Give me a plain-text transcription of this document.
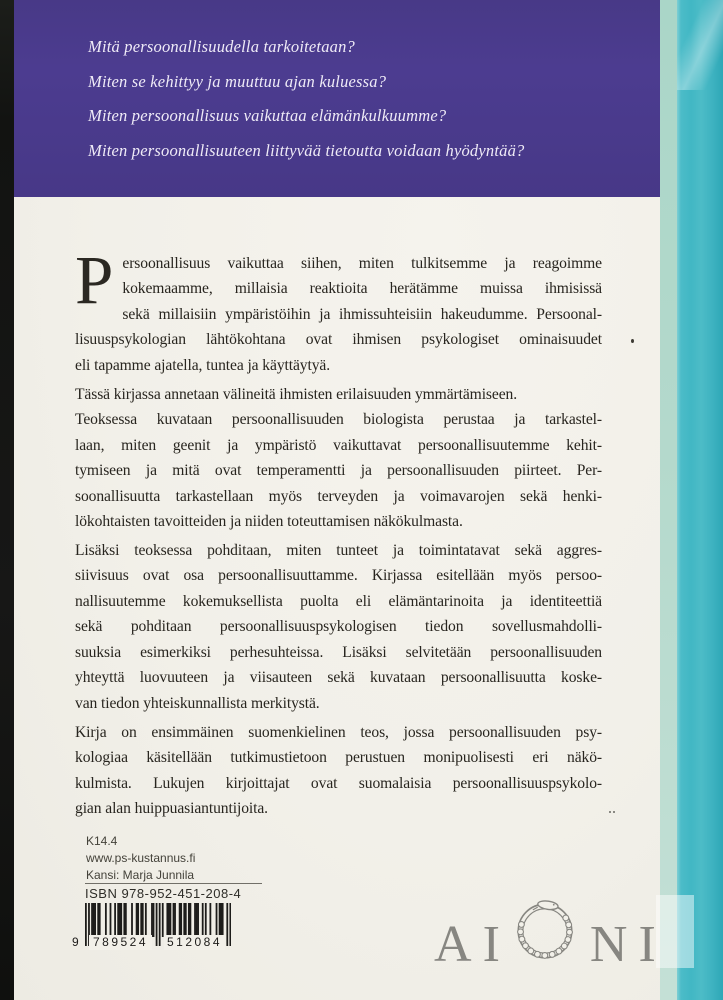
Mitä persoonallisuudella tarkoitetaan?
Miten se kehittyy ja muuttuu ajan kuluessa?
Miten persoonallisuus vaikuttaa elämänkulkuumme?
Miten persoonallisuuteen liittyvää tietoutta voidaan hyödyntää?
P ersoonallisuus vaikuttaa siihen, miten tulkitsemme ja reagoimme
kokemaamme, millaisia reaktioita herätämme muissa ihmisissä
sekä millaisiin ympäristöihin ja ihmissuhteisiin hakeudumme. Persoonal-
lisuuspsykologian lähtökohtana ovat ihmisen psykologiset ominaisuudet
eli tapamme ajatella, tuntea ja käyttäytyä.
Tässä kirjassa annetaan välineitä ihmisten erilaisuuden ymmärtämiseen.
Teoksessa kuvataan persoonallisuuden biologista perustaa ja tarkastel-
laan, miten geenit ja ympäristö vaikuttavat persoonallisuutemme kehit-
tymiseen ja mitä ovat temperamentti ja persoonallisuuden piirteet. Per-
soonallisuutta tarkastellaan myös terveyden ja voimavarojen sekä henki-
lökohtaisten tavoitteiden ja niiden toteuttamisen näkökulmasta.
Lisäksi teoksessa pohditaan, miten tunteet ja toimintatavat sekä aggres-
siivisuus ovat osa persoonallisuuttamme. Kirjassa esitellään myös persoo-
nallisuutemme kokemuksellista puolta eli elämäntarinoita ja identiteettiä
sekä pohditaan persoonallisuuspsykologisen tiedon sovellusmahdolli-
suuksia esimerkiksi perhesuhteissa. Lisäksi selvitetään persoonallisuuden
yhteyttä luovuuteen ja viisauteen sekä kuvataan persoonallisuutta koske-
van tiedon yhteiskunnallista merkitystä.
Kirja on ensimmäinen suomenkielinen teos, jossa persoonallisuuden psy-
kologiaa käsitellään tutkimustietoon perustuen monipuolisesti eri näkö-
kulmista. Lukujen kirjoittajat ovat suomalaisia persoonallisuuspsykolo-
gian alan huippuasiantuntijoita.
K14.4
www.ps-kustannus.fi
Kansi: Marja Junnila
ISBN 978-952-451-208-4
9	789524	512084	A I N I
